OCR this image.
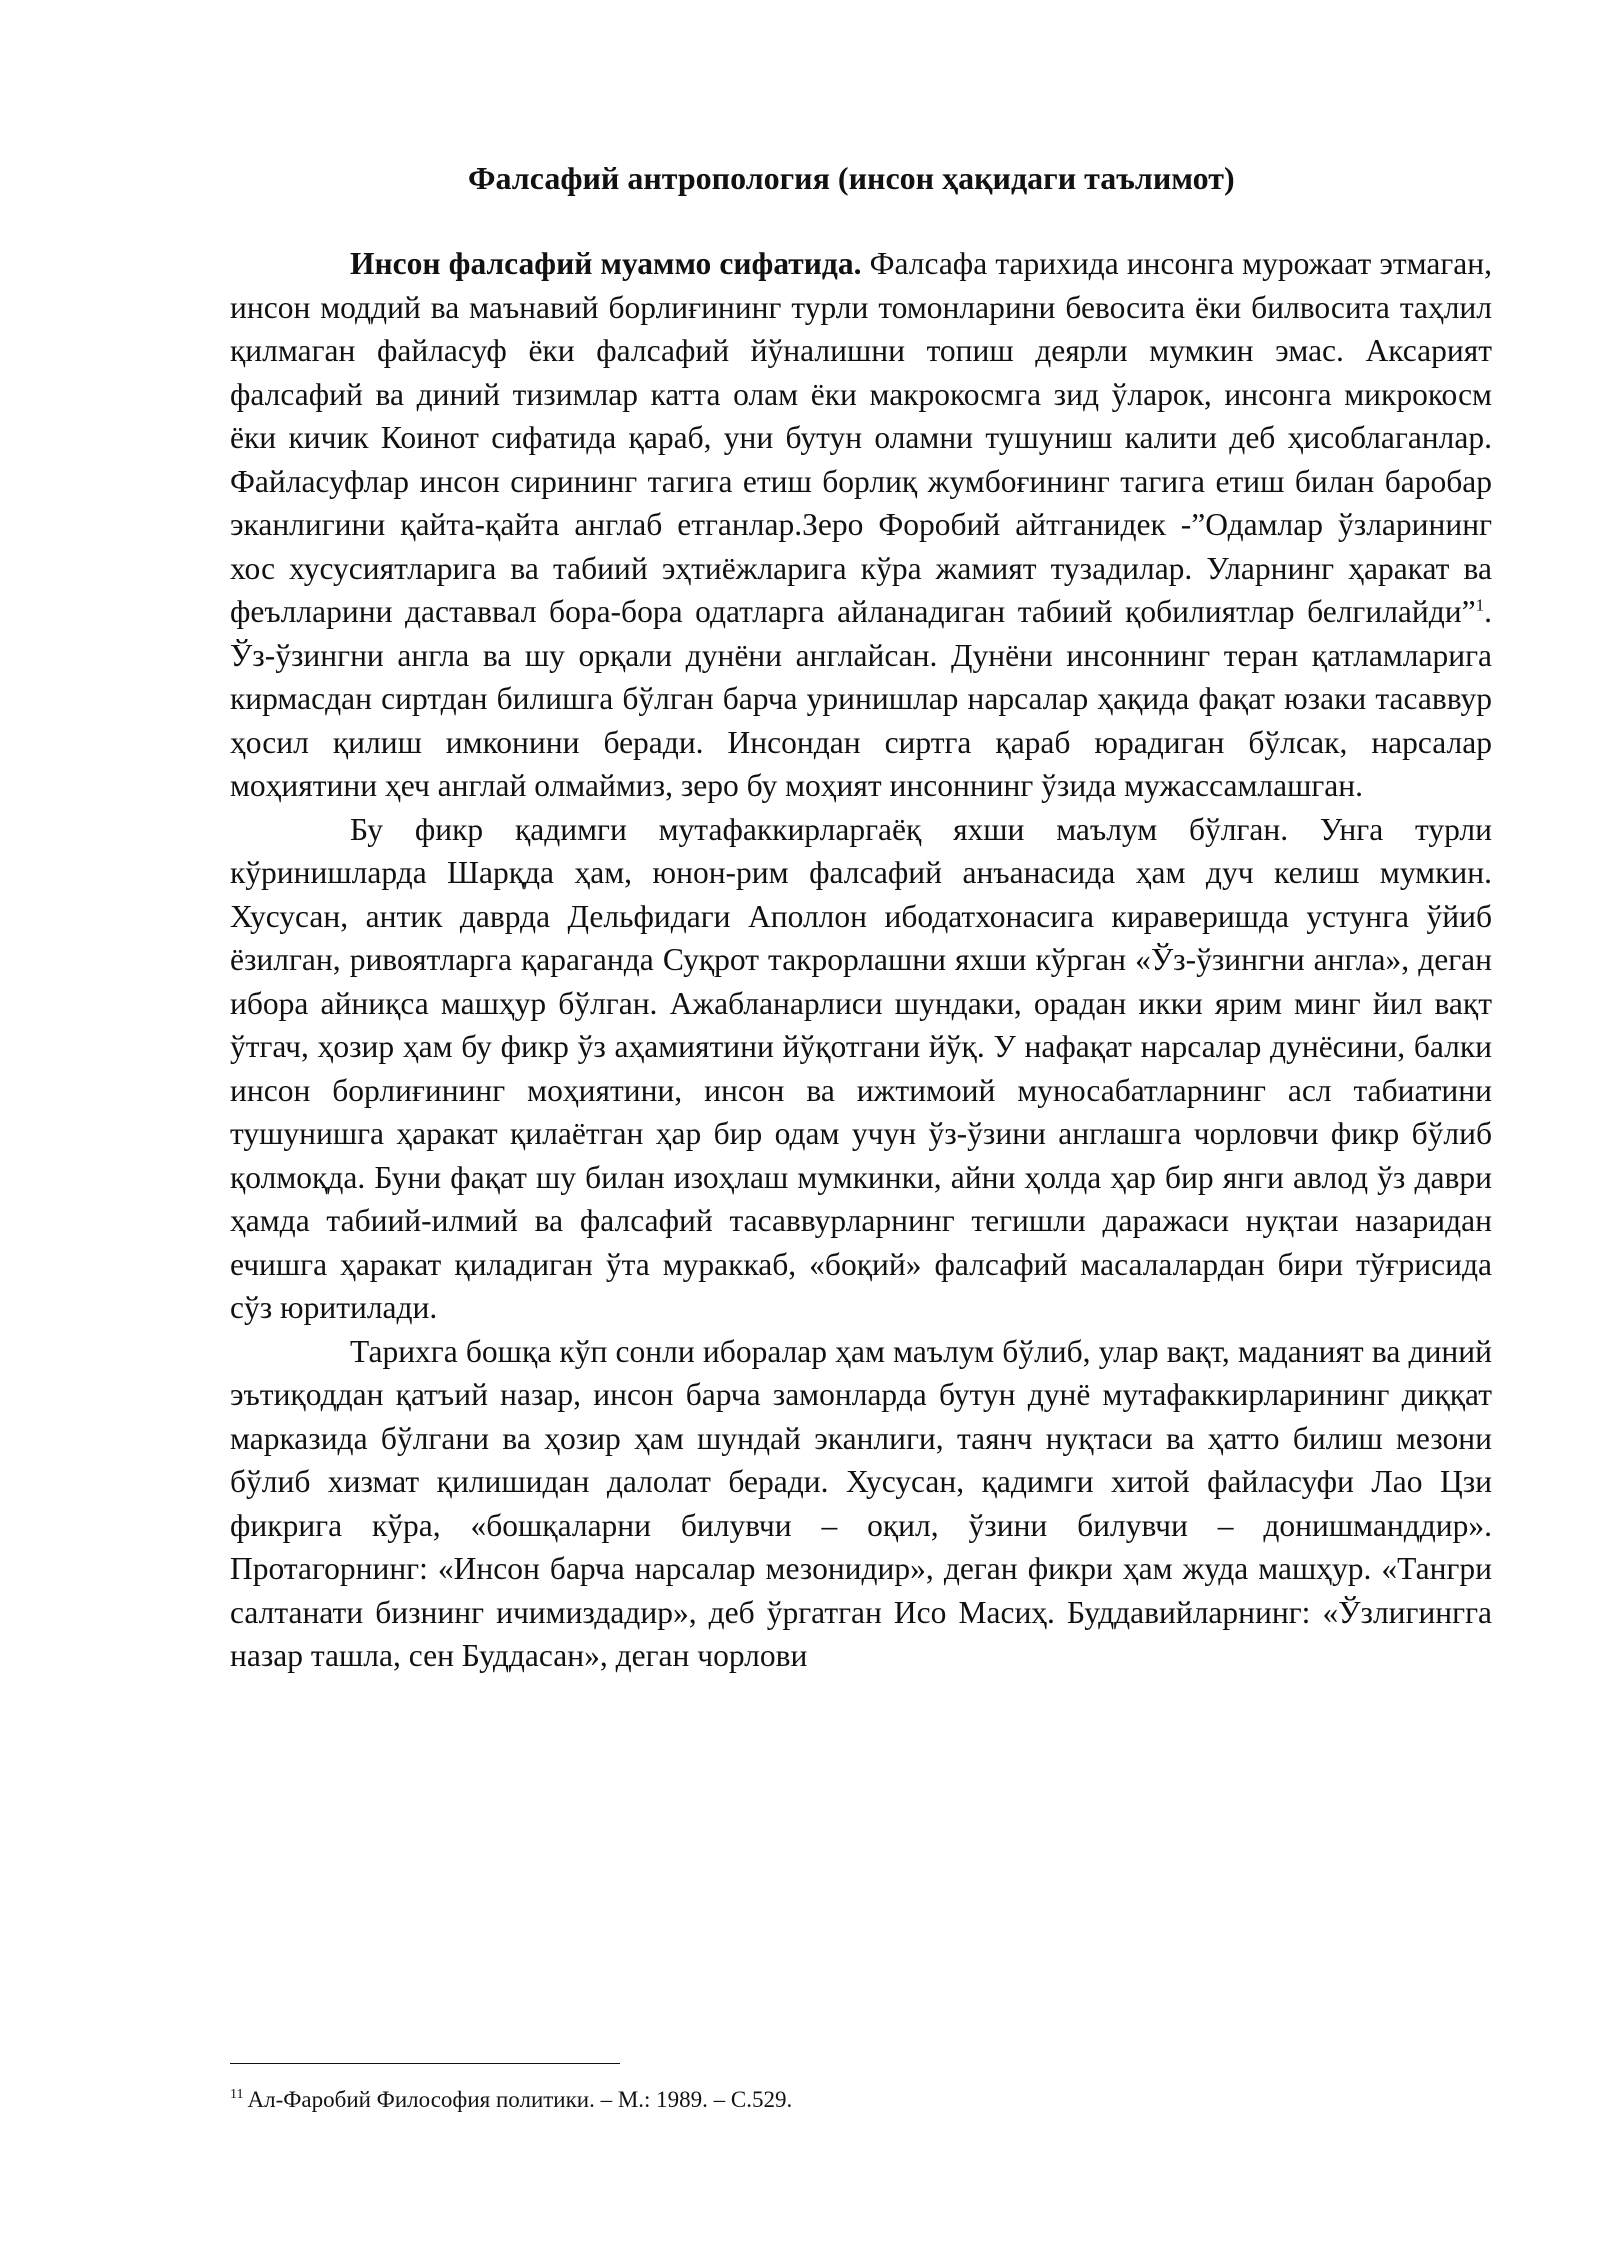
Фалсафий антропология (инсон ҳақидаги таълимот)

Инсон фалсафий муаммо сифатида. Фалсафа тарихида инсонга мурожаат этмаган, инсон моддий ва маънавий борлиғининг турли томонларини бевосита ёки билвосита таҳлил қилмаган файласуф ёки фалсафий йўналишни топиш деярли мумкин эмас. Аксарият фалсафий ва диний тизимлар катта олам ёки макрокосмга зид ўларок, инсонга микрокосм ёки кичик Коинот сифатида қараб, уни бутун оламни тушуниш калити деб ҳисоблаганлар. Файласуфлар инсон сирининг тагига етиш борлиқ жумбоғининг тагига етиш билан баробар эканлигини қайта-қайта англаб етганлар.Зеро Форобий айтганидек -”Одамлар ўзларининг хос хусусиятларига ва табиий эҳтиёжларига кўра жамият тузадилар. Уларнинг ҳаракат ва феълларини даставвал бора-бора одатларга айланадиган табиий қобилиятлар белгилайди”$^1$. Ўз-ўзингни англа ва шу орқали дунёни англайсан. Дунёни инсоннинг теран қатламларига кирмасдан сиртдан билишга бўлган барча уринишлар нарсалар ҳақида фақат юзаки тасаввур ҳосил қилиш имконини беради. Инсондан сиртга қараб юрадиган бўлсак, нарсалар моҳиятини ҳеч англай олмаймиз, зеро бу моҳият инсоннинг ўзида мужассамлашган.

Бу фикр қадимги мутафаккирларгаёқ яхши маълум бўлган. Унга турли кўринишларда Шарқда ҳам, юнон-рим фалсафий анъанасида ҳам дуч келиш мумкин. Хусусан, антик даврда Дельфидаги Аполлон ибодатхонасига кираверишда устунга ўйиб ёзилган, ривоятларга қараганда Суқрот такрорлашни яхши кўрган «Ўз-ўзингни англа», деган ибора айниқса машҳур бўлган. Ажабланарлиси шундаки, орадан икки ярим минг йил вақт ўтгач, ҳозир ҳам бу фикр ўз аҳамиятини йўқотгани йўқ. У нафақат нарсалар дунёсини, балки инсон борлиғининг моҳиятини, инсон ва ижтимоий муносабатларнинг асл табиатини тушунишга ҳаракат қилаётган ҳар бир одам учун ўз-ўзини англашга чорловчи фикр бўлиб қолмоқда. Буни фақат шу билан изоҳлаш мумкинки, айни ҳолда ҳар бир янги авлод ўз даври ҳамда табиий-илмий ва фалсафий тасаввурларнинг тегишли даражаси нуқтаи назаридан ечишга ҳаракат қиладиган ўта мураккаб, «боқий» фалсафий масалалардан бири тўғрисида сўз юритилади.

Тарихга бошқа кўп сонли иборалар ҳам маълум бўлиб, улар вақт, маданият ва диний эътиқоддан қатъий назар, инсон барча замонларда бутун дунё мутафаккирларининг диққат марказида бўлгани ва ҳозир ҳам шундай эканлиги, таянч нуқтаси ва ҳатто билиш мезони бўлиб хизмат қилишидан далолат беради. Хусусан, қадимги хитой файласуфи Лао Цзи фикрига кўра, «бошқаларни билувчи – оқил, ўзини билувчи – донишманддир». Протагорнинг: «Инсон барча нарсалар мезонидир», деган фикри ҳам жуда машҳур. «Тангри салтанати бизнинг ичимиздадир», деб ўргатган Исо Масиҳ. Буддавийларнинг: «Ўзлигингга назар ташла, сен Буддасан», деган чорлови

$^{11}$ Ал-Фаробий Философия политики. – М.: 1989. – С.529.
